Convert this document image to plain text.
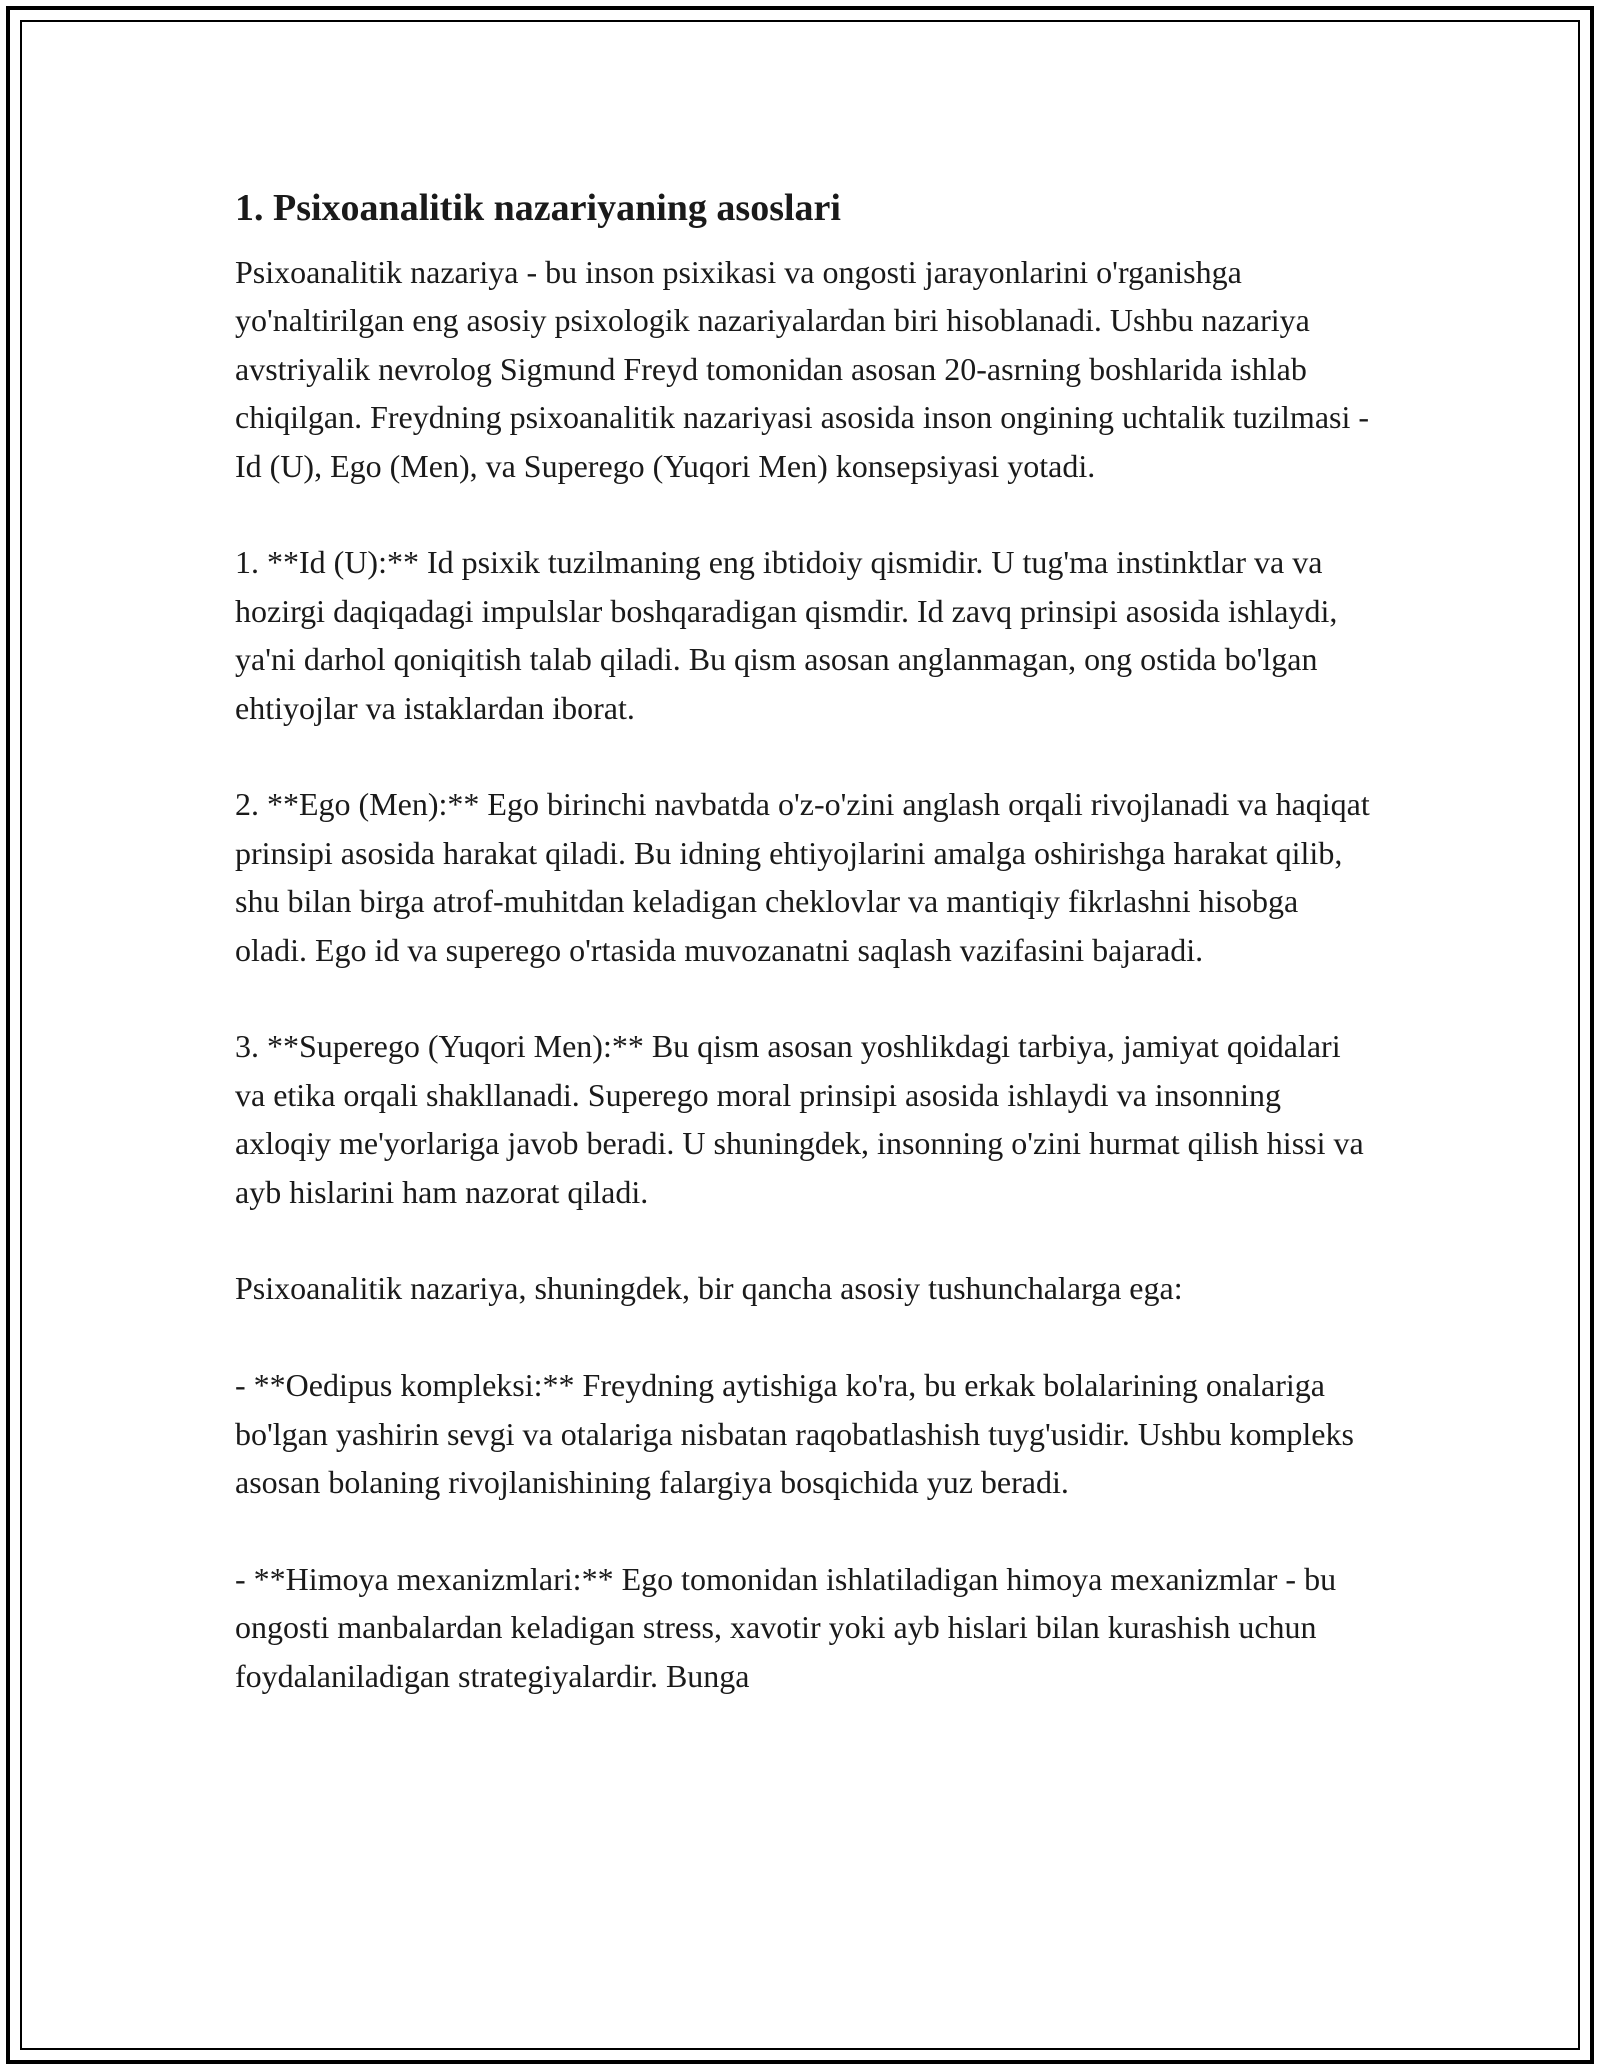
1. Psixoanalitik nazariyaning asoslari

Psixoanalitik nazariya - bu inson psixikasi va ongosti jarayonlarini o'rganishga yo'naltirilgan eng asosiy psixologik nazariyalardan biri hisoblanadi. Ushbu nazariya avstriyalik nevrolog Sigmund Freyd tomonidan asosan 20-asrning boshlarida ishlab chiqilgan. Freydning psixoanalitik nazariyasi asosida inson ongining uchtalik tuzilmasi - Id (U), Ego (Men), va Superego (Yuqori Men) konsepsiyasi yotadi.

1. **Id (U):** Id psixik tuzilmaning eng ibtidoiy qismidir. U tug'ma instinktlar va va hozirgi daqiqadagi impulslar boshqaradigan qismdir. Id zavq prinsipi asosida ishlaydi, ya'ni darhol qoniqitish talab qiladi. Bu qism asosan anglanmagan, ong ostida bo'lgan ehtiyojlar va istaklardan iborat.

2. **Ego (Men):** Ego birinchi navbatda o'z-o'zini anglash orqali rivojlanadi va haqiqat prinsipi asosida harakat qiladi. Bu idning ehtiyojlarini amalga oshirishga harakat qilib, shu bilan birga atrof-muhitdan keladigan cheklovlar va mantiqiy fikrlashni hisobga oladi. Ego id va superego o'rtasida muvozanatni saqlash vazifasini bajaradi.

3. **Superego (Yuqori Men):** Bu qism asosan yoshlikdagi tarbiya, jamiyat qoidalari va etika orqali shakllanadi. Superego moral prinsipi asosida ishlaydi va insonning axloqiy me'yorlariga javob beradi. U shuningdek, insonning o'zini hurmat qilish hissi va ayb hislarini ham nazorat qiladi.

Psixoanalitik nazariya, shuningdek, bir qancha asosiy tushunchalarga ega:

- **Oedipus kompleksi:** Freydning aytishiga ko'ra, bu erkak bolalarining onalariga bo'lgan yashirin sevgi va otalariga nisbatan raqobatlashish tuyg'usidir. Ushbu kompleks asosan bolaning rivojlanishining falargiya bosqichida yuz beradi.

- **Himoya mexanizmlari:** Ego tomonidan ishlatiladigan himoya mexanizmlar - bu ongosti manbalardan keladigan stress, xavotir yoki ayb hislari bilan kurashish uchun foydalaniladigan strategiyalardir. Bunga
